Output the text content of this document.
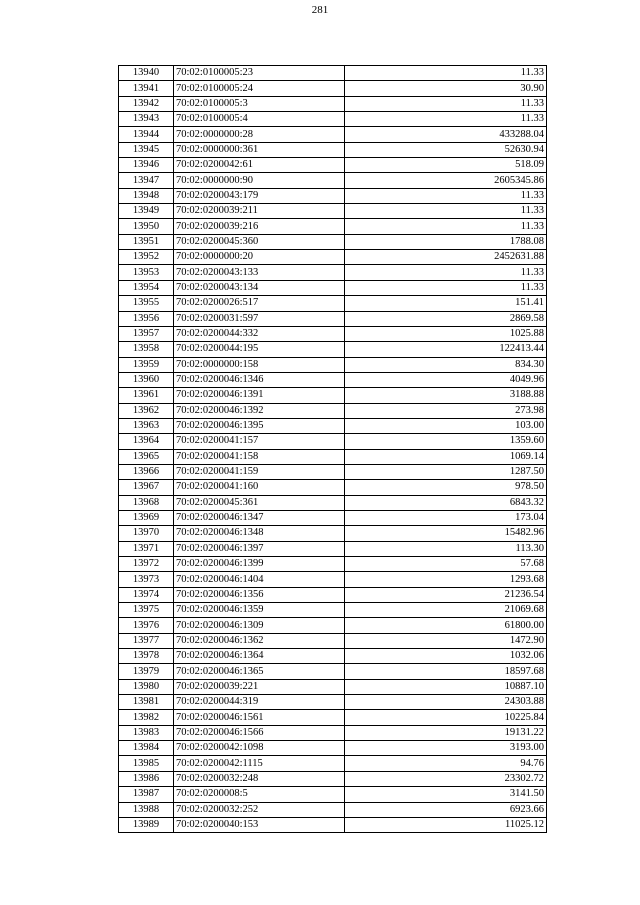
281
13940	70:02:0100005:23	11.33
13941	70:02:0100005:24	30.90
13942	70:02:0100005:3	11.33
13943	70:02:0100005:4	11.33
13944	70:02:0000000:28	433288.04
13945	70:02:0000000:361	52630.94
13946	70:02:0200042:61	518.09
13947	70:02:0000000:90	2605345.86
13948	70:02:0200043:179	11.33
13949	70:02:0200039:211	11.33
13950	70:02:0200039:216	11.33
13951	70:02:0200045:360	1788.08
13952	70:02:0000000:20	2452631.88
13953	70:02:0200043:133	11.33
13954	70:02:0200043:134	11.33
13955	70:02:0200026:517	151.41
13956	70:02:0200031:597	2869.58
13957	70:02:0200044:332	1025.88
13958	70:02:0200044:195	122413.44
13959	70:02:0000000:158	834.30
13960	70:02:0200046:1346	4049.96
13961	70:02:0200046:1391	3188.88
13962	70:02:0200046:1392	273.98
13963	70:02:0200046:1395	103.00
13964	70:02:0200041:157	1359.60
13965	70:02:0200041:158	1069.14
13966	70:02:0200041:159	1287.50
13967	70:02:0200041:160	978.50
13968	70:02:0200045:361	6843.32
13969	70:02:0200046:1347	173.04
13970	70:02:0200046:1348	15482.96
13971	70:02:0200046:1397	113.30
13972	70:02:0200046:1399	57.68
13973	70:02:0200046:1404	1293.68
13974	70:02:0200046:1356	21236.54
13975	70:02:0200046:1359	21069.68
13976	70:02:0200046:1309	61800.00
13977	70:02:0200046:1362	1472.90
13978	70:02:0200046:1364	1032.06
13979	70:02:0200046:1365	18597.68
13980	70:02:0200039:221	10887.10
13981	70:02:0200044:319	24303.88
13982	70:02:0200046:1561	10225.84
13983	70:02:0200046:1566	19131.22
13984	70:02:0200042:1098	3193.00
13985	70:02:0200042:1115	94.76
13986	70:02:0200032:248	23302.72
13987	70:02:0200008:5	3141.50
13988	70:02:0200032:252	6923.66
13989	70:02:0200040:153	11025.12
